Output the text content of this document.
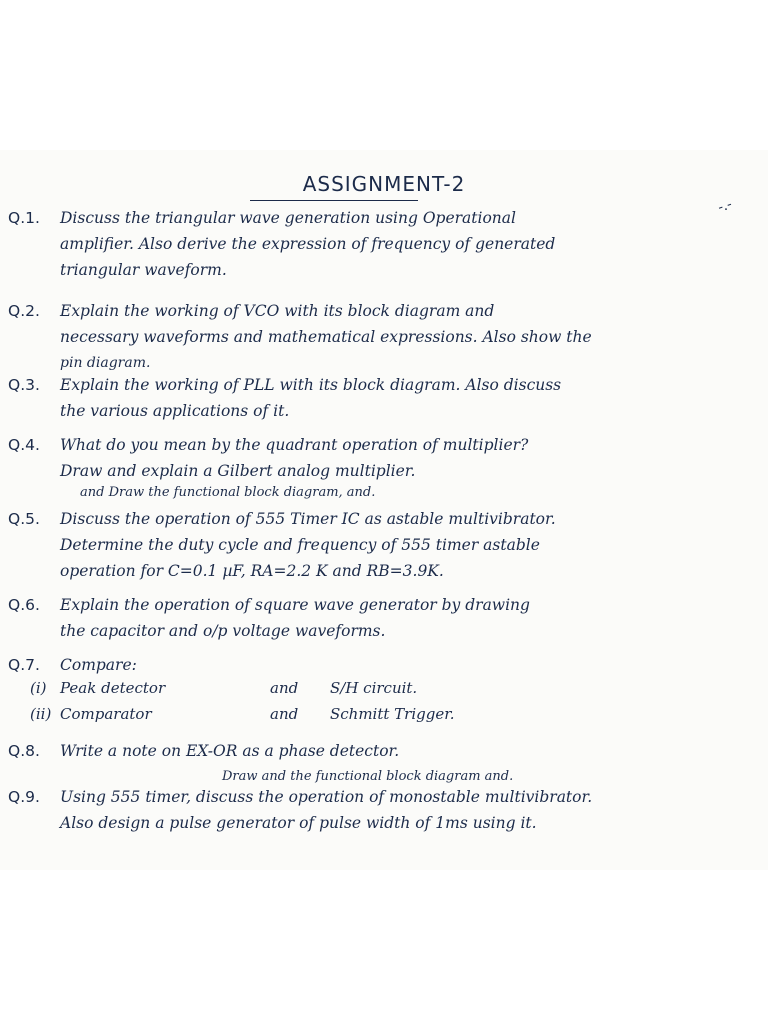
ASSIGNMENT-2
-.-
Q.1. Discuss the triangular wave generation using Operational
amplifier. Also derive the expression of frequency of generated
triangular waveform.
Q.2. Explain the working of VCO with its block diagram and
necessary waveforms and mathematical expressions. Also show the
pin diagram.
Q.3. Explain the working of PLL with its block diagram. Also discuss
the various applications of it.
Q.4. What do you mean by the quadrant operation of multiplier?
Draw and explain a Gilbert analog multiplier.
and Draw the functional block diagram, and.
Q.5. Discuss the operation of 555 Timer IC as astable multivibrator.
Determine the duty cycle and frequency of 555 timer astable
operation for C=0.1 µF, RA=2.2 K and RB=3.9K.
Q.6. Explain the operation of square wave generator by drawing
the capacitor and o/p voltage waveforms.
Q.7. Compare:
(i) Peak detector	and S/H circuit.
(ii) Comparator	and Schmitt Trigger.
Q.8. Write a note on EX-OR as a phase detector.
Draw and the functional block diagram and.
Q.9. Using 555 timer, discuss the operation of monostable multivibrator.
Also design a pulse generator of pulse width of 1ms using it.
